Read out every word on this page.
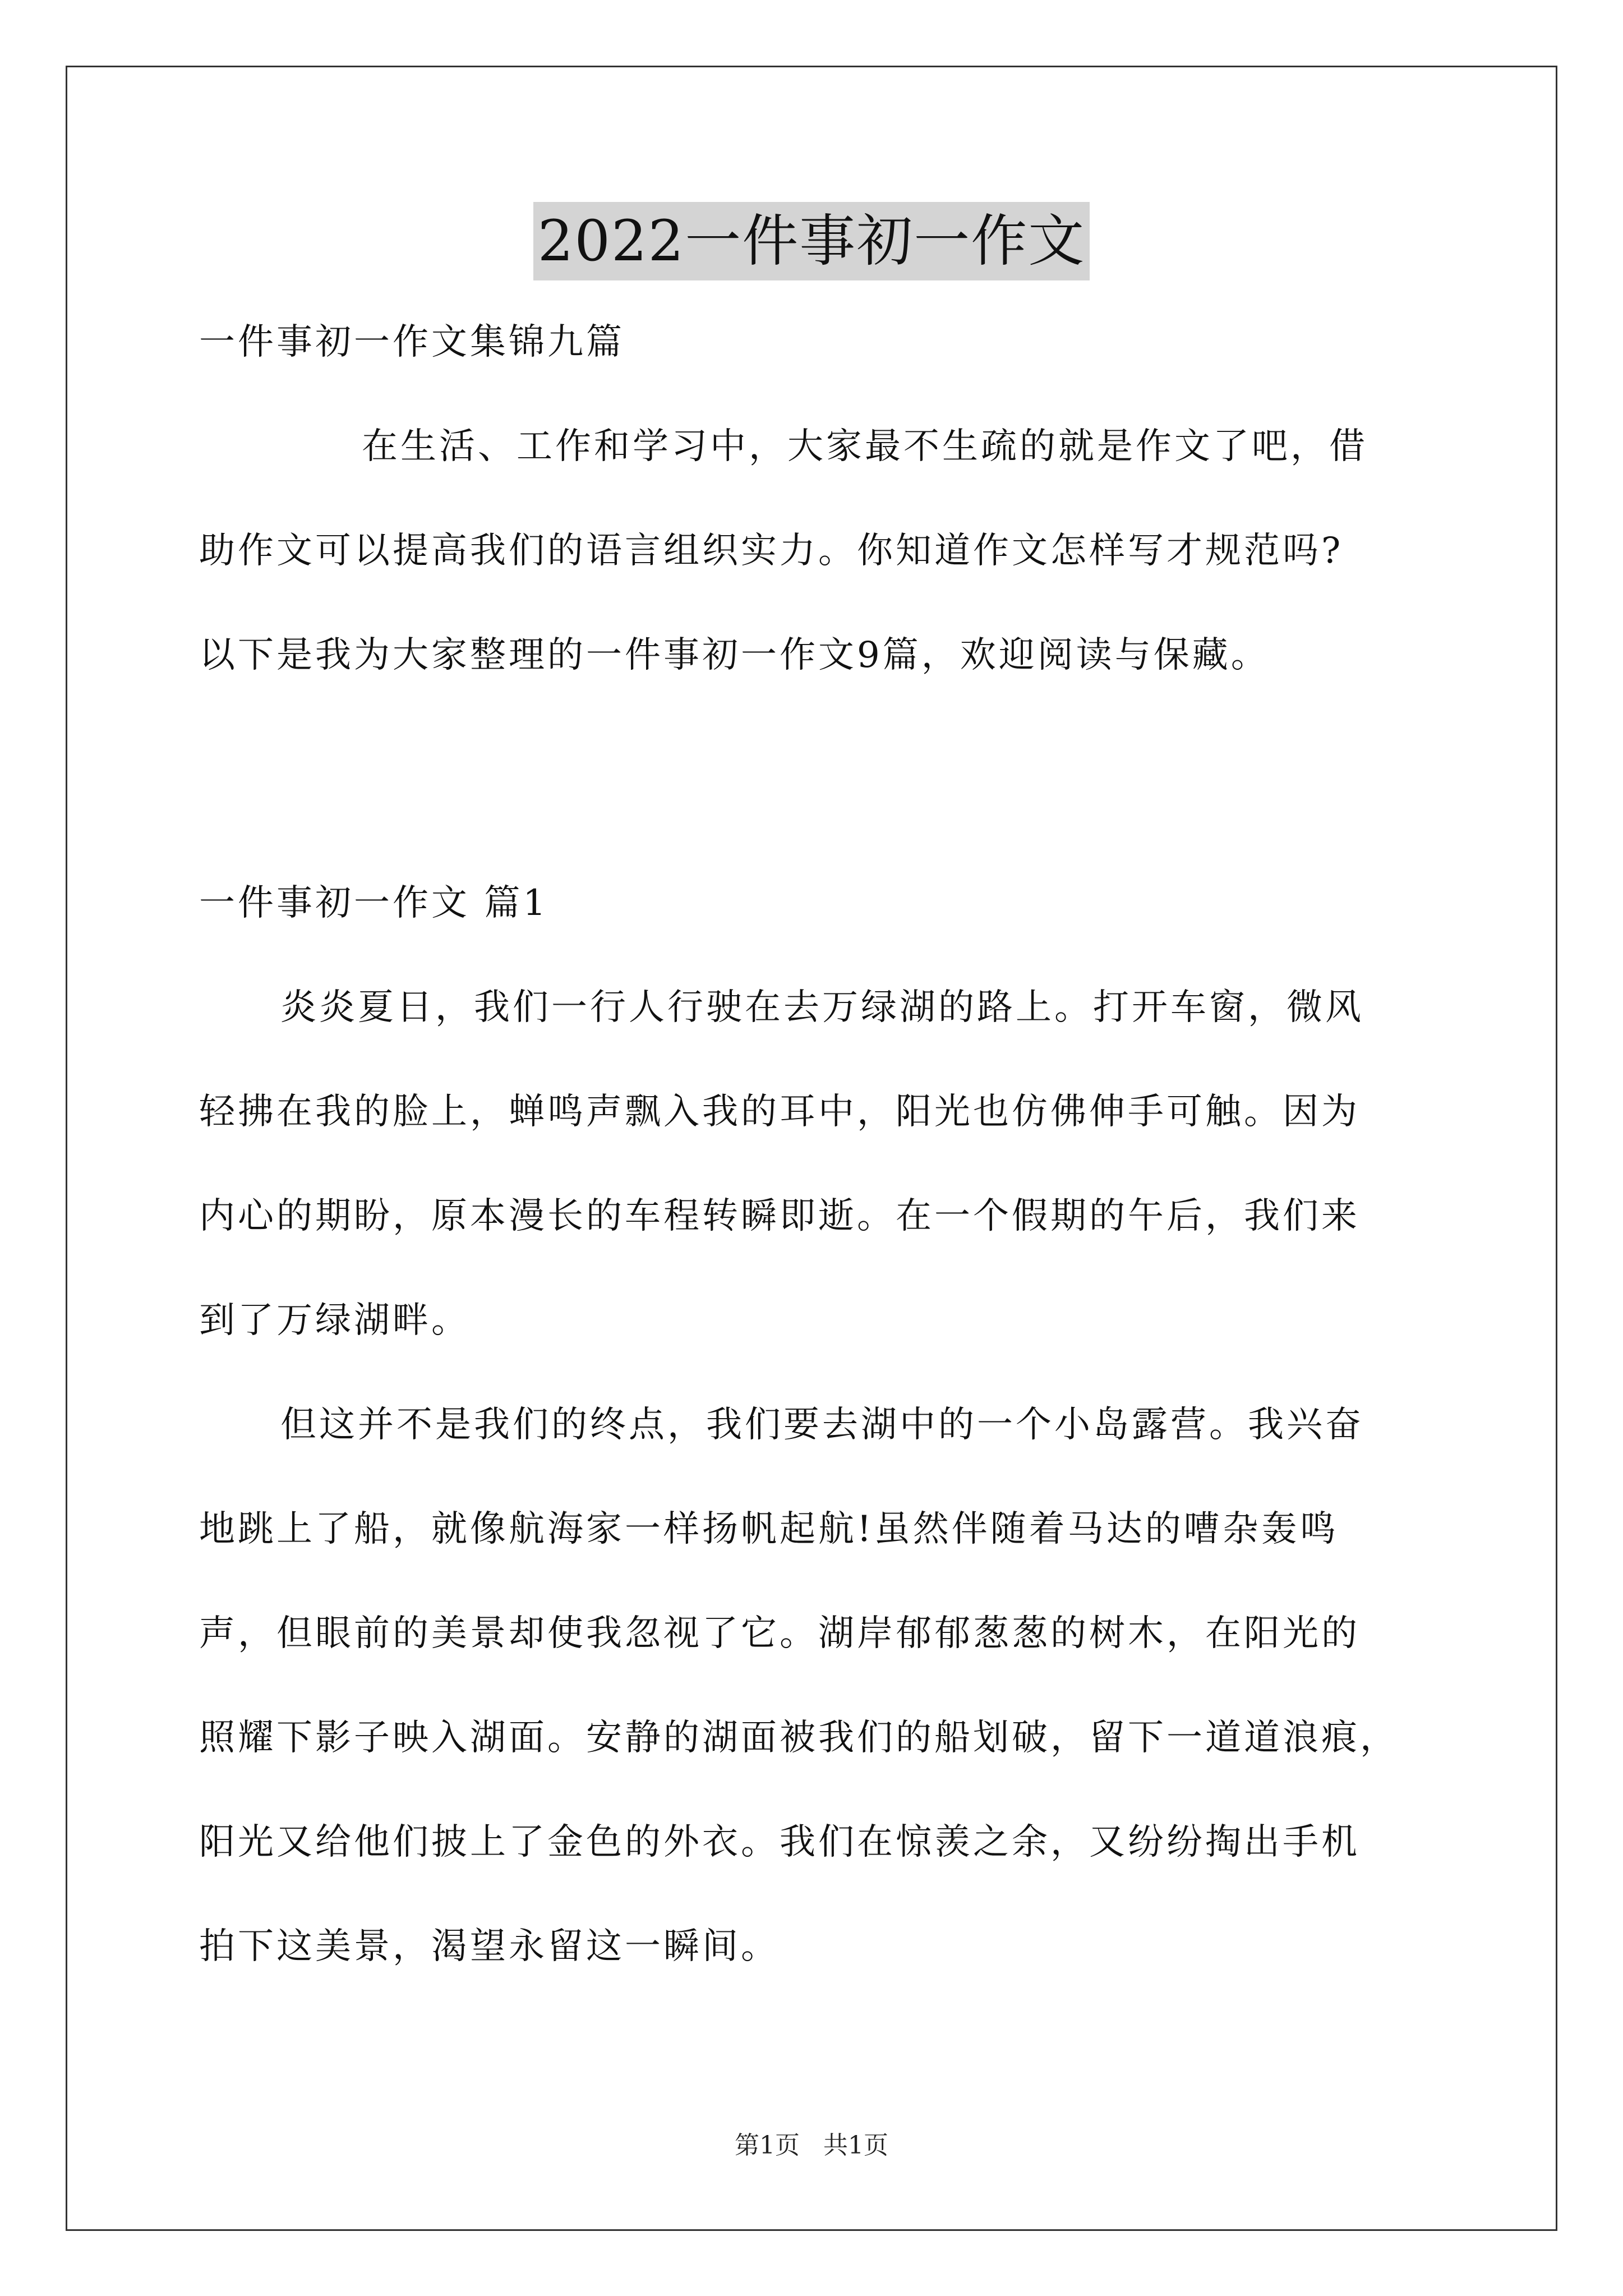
2022一件事初一作文
一件事初一作文集锦九篇
在生活、工作和学习中，大家最不生疏的就是作文了吧，借
助作文可以提高我们的语言组织实力。你知道作文怎样写才规范吗?
以下是我为大家整理的一件事初一作文9篇，欢迎阅读与保藏。
一件事初一作文 篇1
炎炎夏日，我们一行人行驶在去万绿湖的路上。打开车窗，微风
轻拂在我的脸上，蝉鸣声飘入我的耳中，阳光也仿佛伸手可触。因为
内心的期盼，原本漫长的车程转瞬即逝。在一个假期的午后，我们来
到了万绿湖畔。
但这并不是我们的终点，我们要去湖中的一个小岛露营。我兴奋
地跳上了船，就像航海家一样扬帆起航!虽然伴随着马达的嘈杂轰鸣
声，但眼前的美景却使我忽视了它。湖岸郁郁葱葱的树木，在阳光的
照耀下影子映入湖面。安静的湖面被我们的船划破，留下一道道浪痕，
阳光又给他们披上了金色的外衣。我们在惊羡之余，又纷纷掏出手机
拍下这美景，渴望永留这一瞬间。
第1页   共1页
